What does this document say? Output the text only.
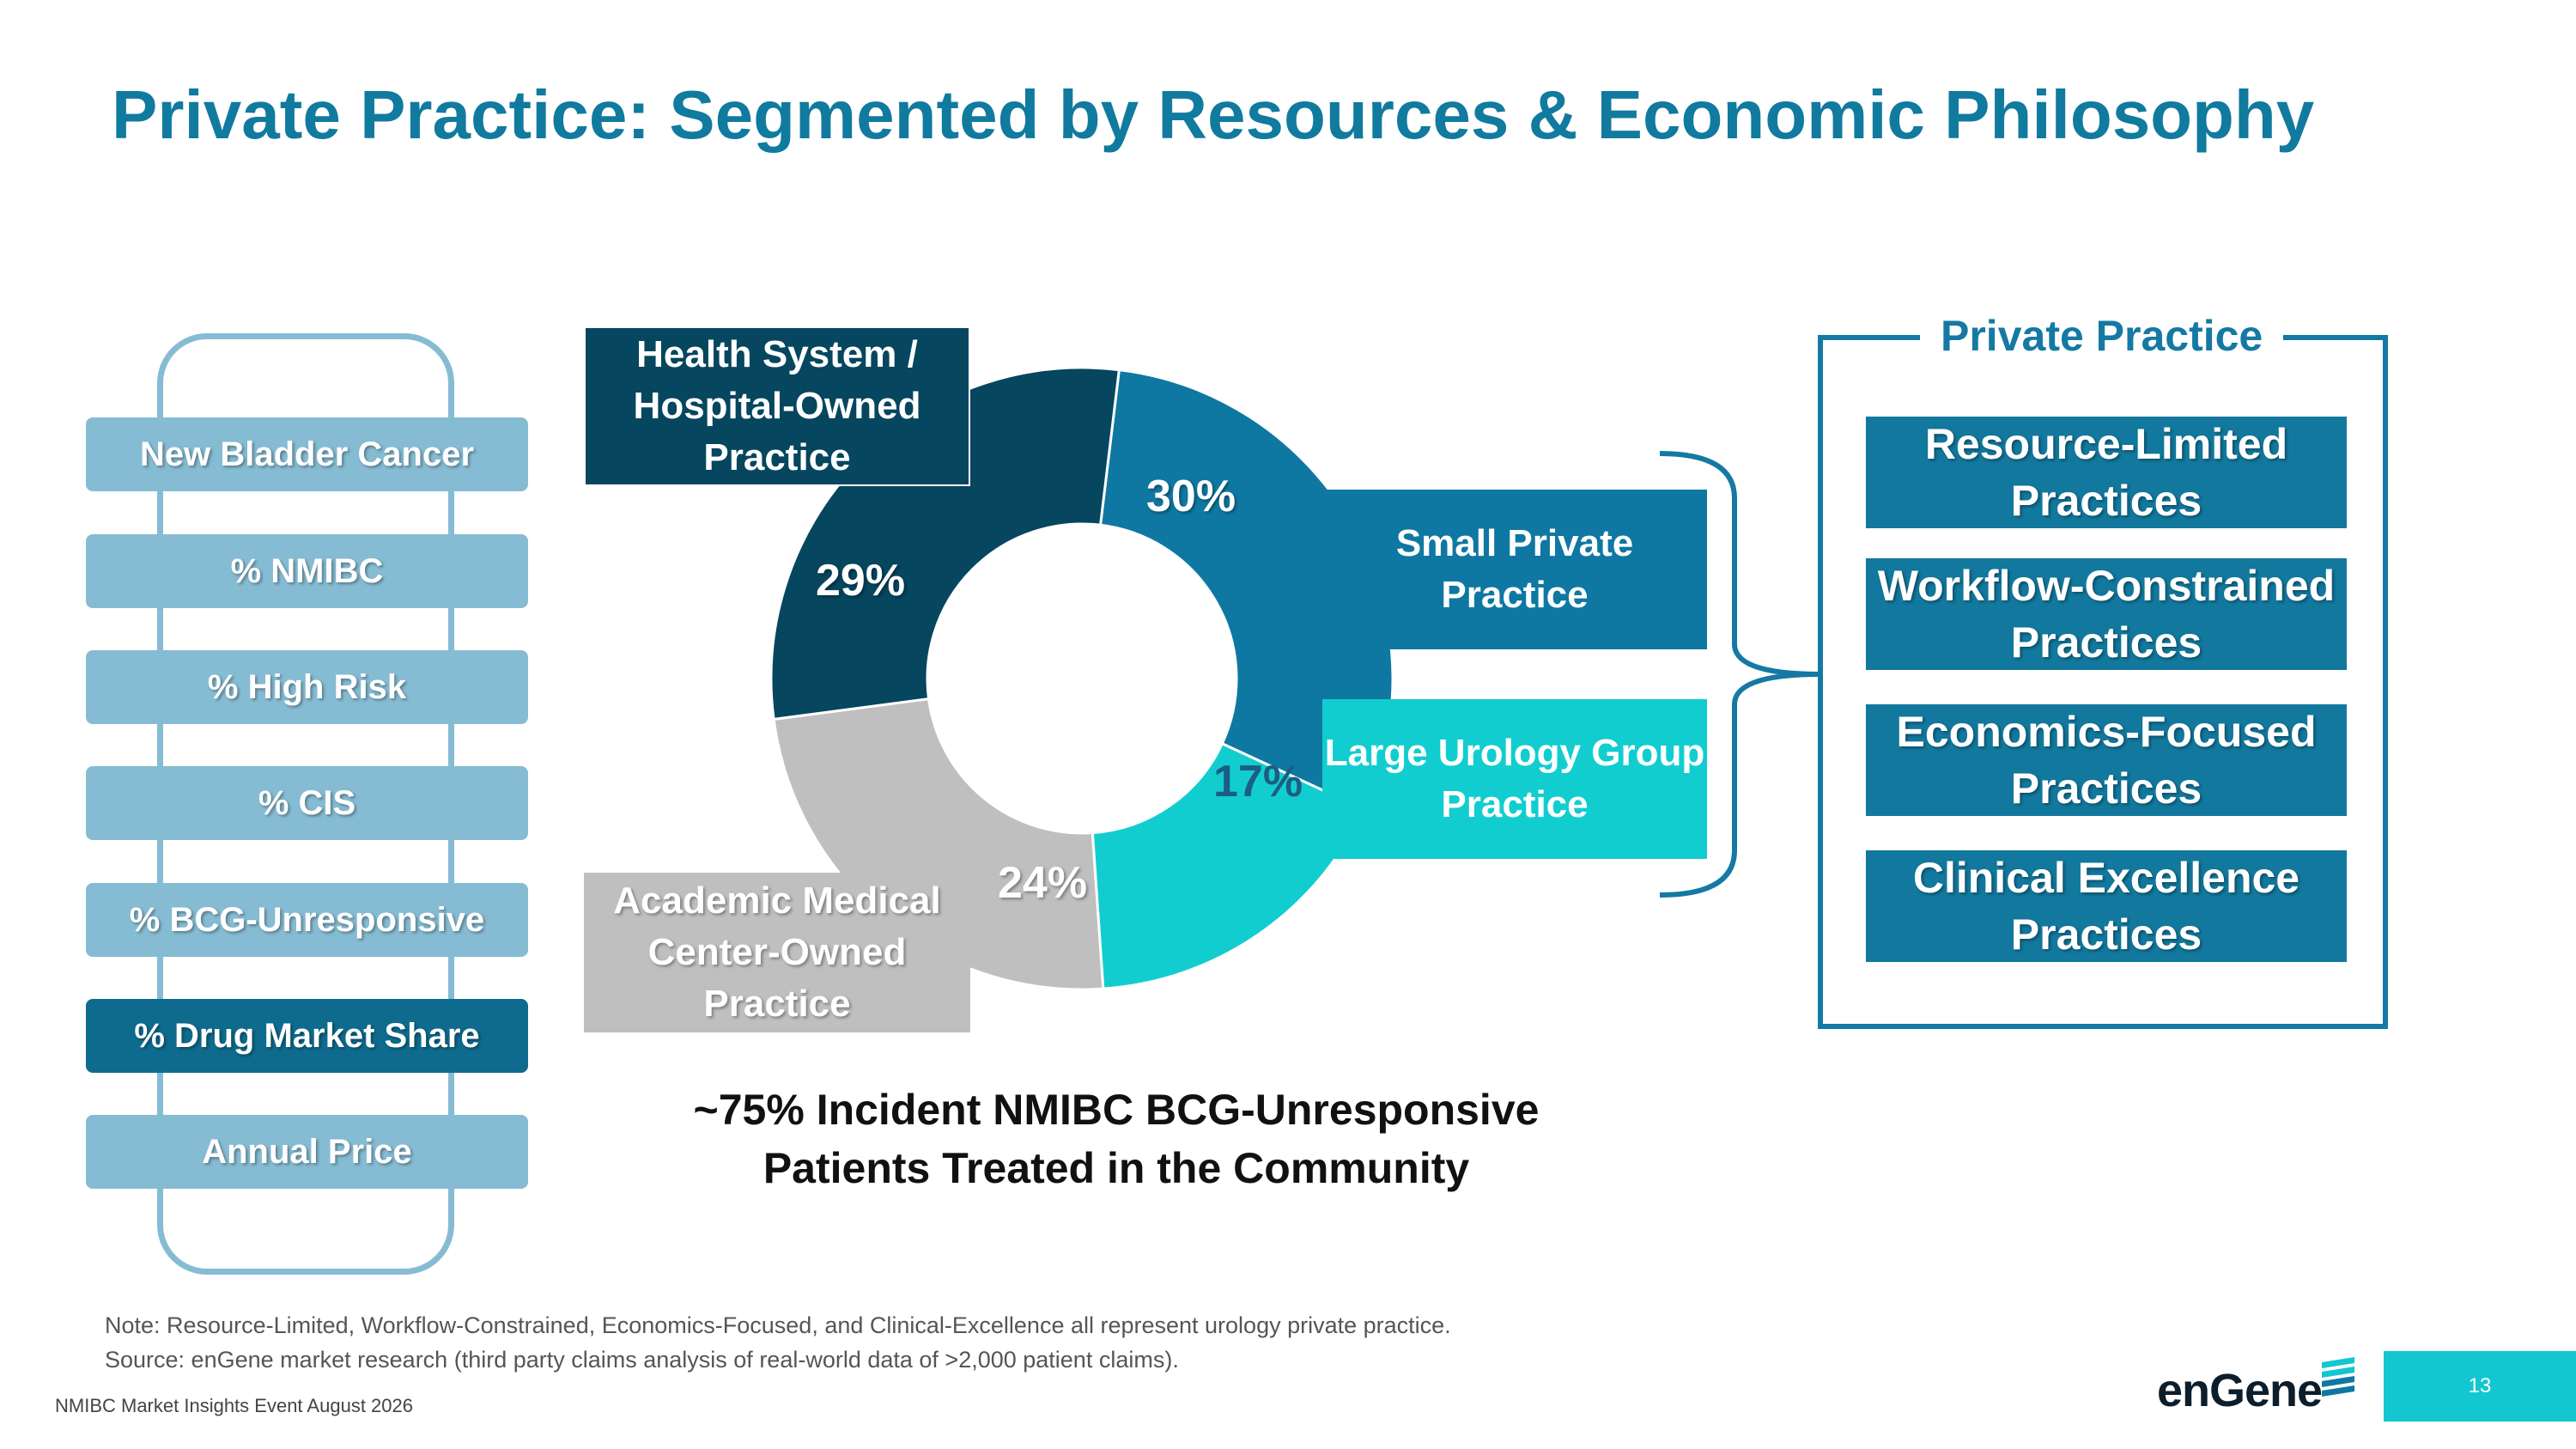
Private Practice: Segmented by Resources & Economic Philosophy
New Bladder Cancer
% NMIBC
% High Risk
% CIS
% BCG-Unresponsive
% Drug Market Share
Annual Price
Health System / Hospital-Owned Practice
Small Private Practice
Large Urology Group Practice
Academic Medical Center-Owned Practice
30%
17%
24%
29%
~75% Incident NMIBC BCG-Unresponsive Patients Treated in the Community
Private Practice
Resource-Limited Practices
Workflow-Constrained Practices
Economics-Focused Practices
Clinical Excellence Practices
Note: Resource-Limited, Workflow-Constrained, Economics-Focused, and Clinical-Excellence all represent urology private practice.
Source: enGene market research (third party claims analysis of real-world data of >2,000 patient claims).
NMIBC Market Insights Event August 2026	enGene	13
